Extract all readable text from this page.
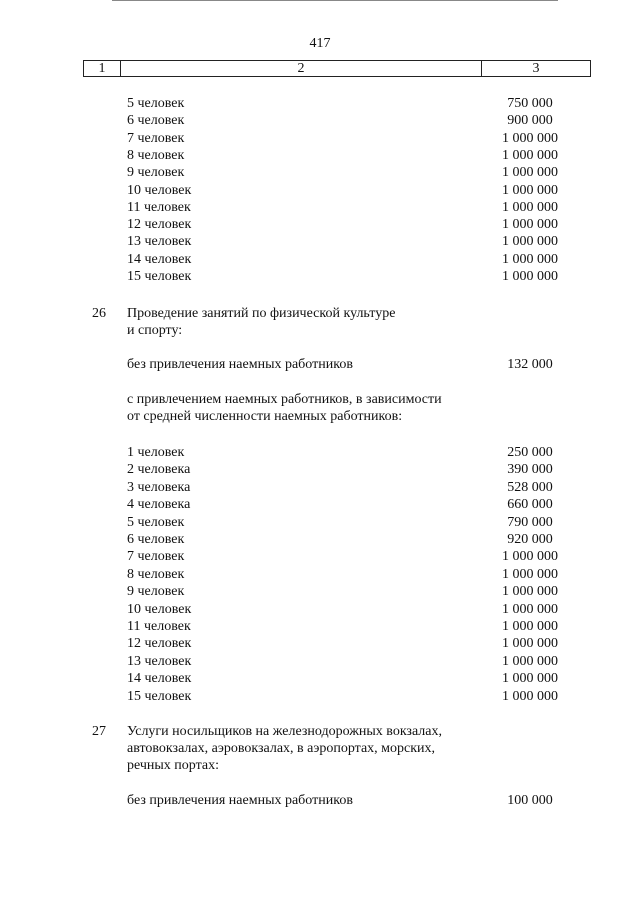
417
1	2	3
5 человек	750 000
6 человек	900 000
7 человек	1 000 000
8 человек	1 000 000
9 человек	1 000 000
10 человек	1 000 000
11 человек	1 000 000
12 человек	1 000 000
13 человек	1 000 000
14 человек	1 000 000
15 человек	1 000 000
26 Проведение занятий по физической культуре
и спорту:
без привлечения наемных работников	132 000
с привлечением наемных работников, в зависимости
от средней численности наемных работников:
1 человек	250 000
2 человека	390 000
3 человека	528 000
4 человека	660 000
5 человек	790 000
6 человек	920 000
7 человек	1 000 000
8 человек	1 000 000
9 человек	1 000 000
10 человек	1 000 000
11 человек	1 000 000
12 человек	1 000 000
13 человек	1 000 000
14 человек	1 000 000
15 человек	1 000 000
27 Услуги носильщиков на железнодорожных вокзалах,
автовокзалах, аэровокзалах, в аэропортах, морских,
речных портах:
без привлечения наемных работников	100 000
